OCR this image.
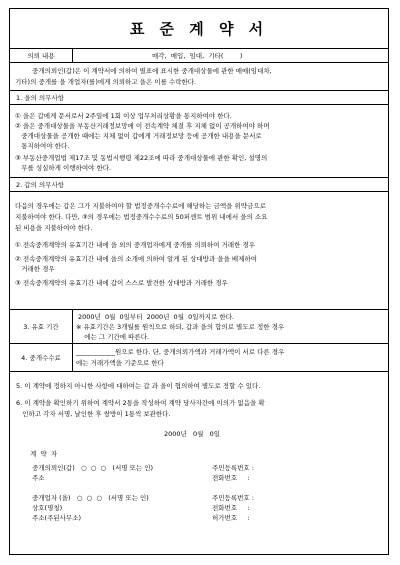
표 준 계 약 서
의뢰 내용	매각,  매입,  임대,  기타(        )
중개의뢰인(갑)은 이 계약서에 의하여 별표에 표시한 중개대상물에 관한 매매(임대차,
기타)의 중개를 을 개업자(를)에게 의뢰하고 을은 이를 수락한다.
1. 을의 의무사항
① 을은 갑에게 문서로서 2주일에 1회 이상 업무처리상황을 통지하여야 한다.
② 을은 중개대상물을 부동산거래정보망에 이 전속계약 체결 후 지체 없이 공개하여야 하며
중개대상물을 공개한 때에는 지체 없이 갑에게 거래정보망 등에 공개한 내용을 문서로
통지하여야 한다.
③ 부동산중개업법 제17조 및 동법시행령 제22조에 따라 중개대상물에 관한 확인, 설명의
무를 성실하게 이행하여야 한다.
2. 갑의 의무사항
다음의 경우에는 갑은 그가 지불하여야 할 법정중개수수료에 해당하는 금액을 위약금으로
지불하여야 한다. 다만, ③의 경우에는 법정중개수수료의 50퍼센트 범위 내에서 을의 소요
된 비용을 지불하여야 한다.
① 전속중개계약의 유효기간 내에 을 외의 중개업자에게 중개를 의뢰하여 거래한 경우
② 전속중개계약의 유효기간 내에 을의 소개에 의하여 알게 된 상대방과 을을 배제하여
거래한 경우
③ 전속중개계약의 유효기간 내에 갑이 스스로 발견한 상대방과 거래한 경우
3. 유효 기간
2000년  0월  0일부터  2000년  0월  0일까지로 한다.
※ 유효기간은 3개월를 원칙으로 하되, 갑과 을의 합의로 별도로 정한 경우
에는 그 기간에 따른다.
4. 중개수수료
____________원으로 한다. 단, 중개의뢰가액과 거래가액이 서로 다른 경우
에는 거래가액을 기준으로 한다
5. 이 계약에 정하지 아니한 사항에 대하여는 갑 과 을이 협의하여 별도로 정할 수 있다.
6. 이 계약을 확인하기 위하여 계약서 2통을 작성하여 계약 당사자간에 이의가 없음을 확
인하고 각자 서명, 날인한 후 쌍방이 1통씩 보관한다.
2000년   0월   0일
계  약  자
중개의뢰인(갑)   ○  ○  ○   (서명 또는 인)
주소
주민등록번호 :
전화번호     :
중개업자 (을)   ○  ○  ○   (서명 또는 인)
상호(명칭)
주소(주된사무소)
주민등록번호 :
전화번호     :
허가번호     :
